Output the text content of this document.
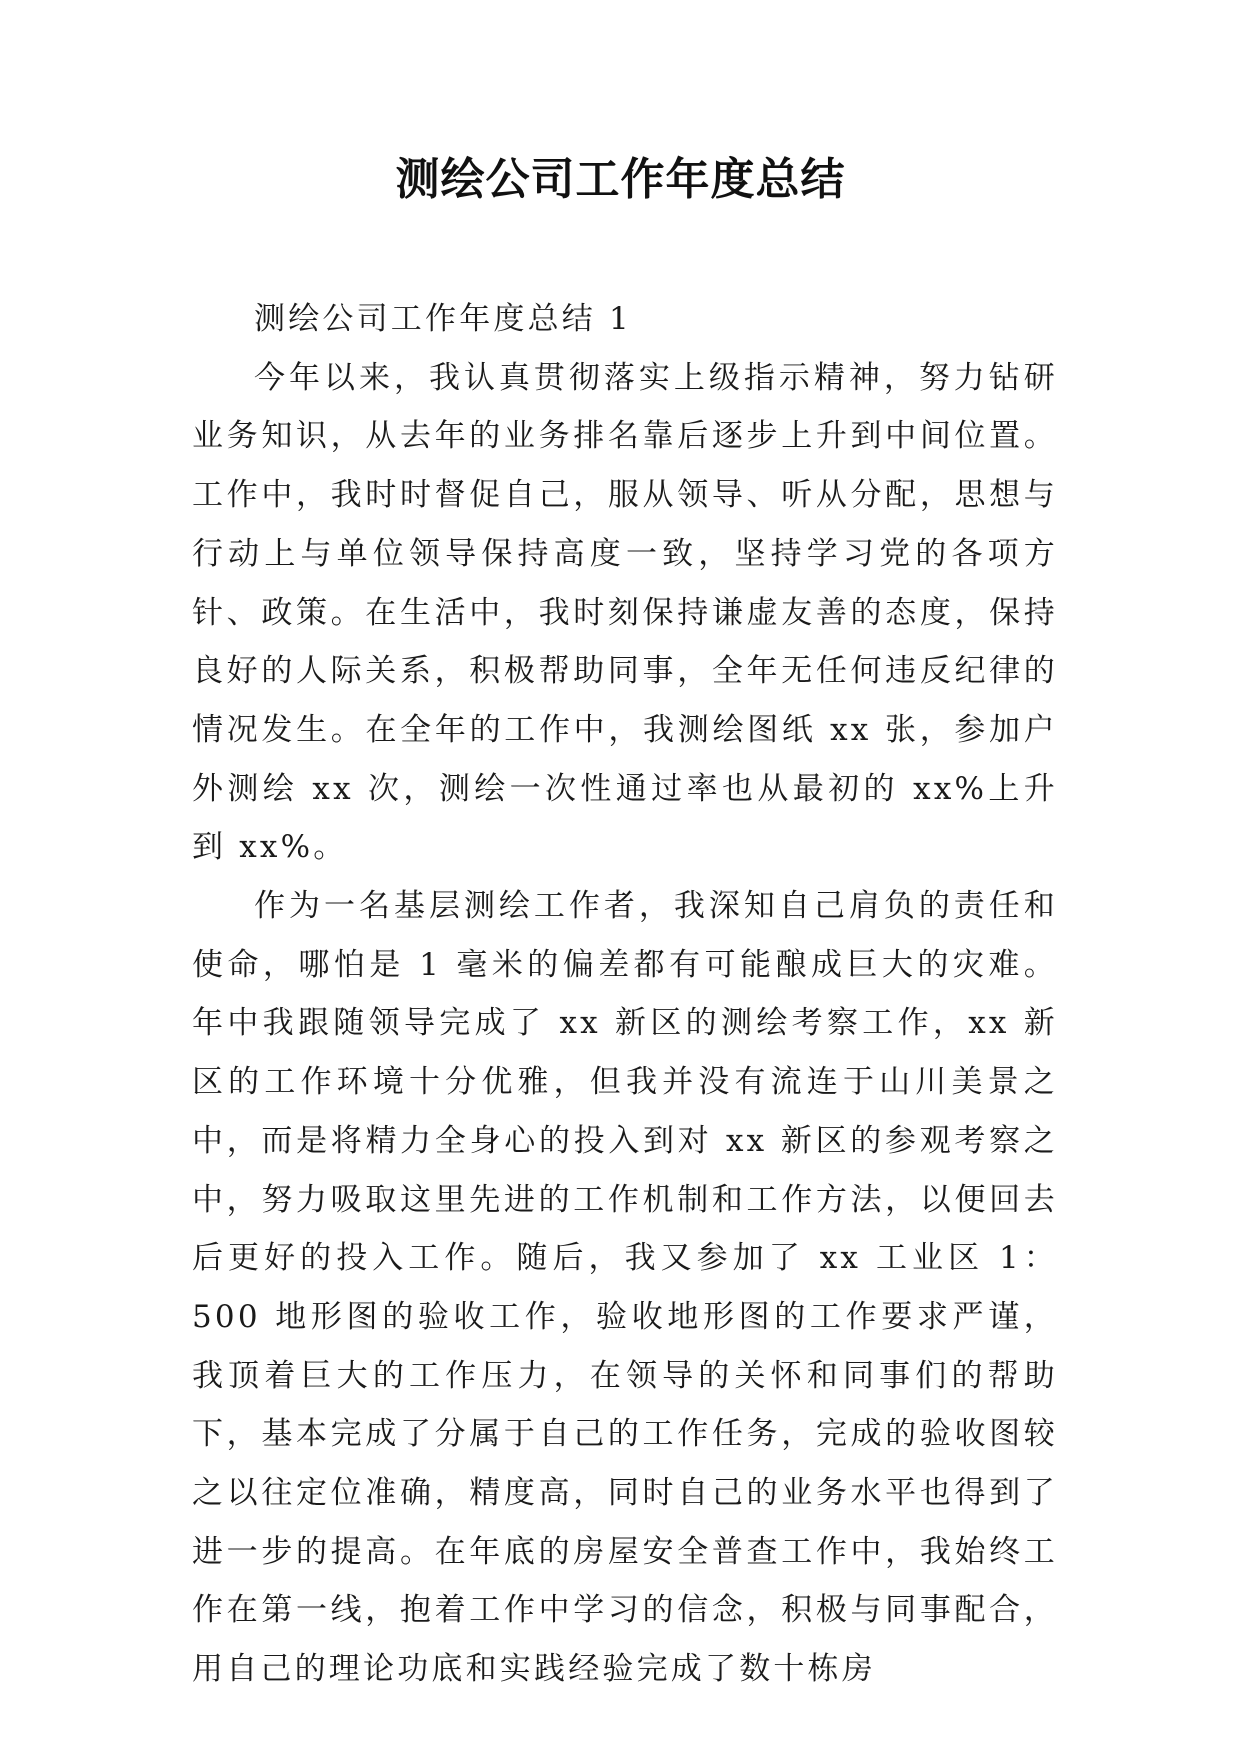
测绘公司工作年度总结

测绘公司工作年度总结 1

今年以来，我认真贯彻落实上级指示精神，努力钻研业务知识，从去年的业务排名靠后逐步上升到中间位置。工作中，我时时督促自己，服从领导、听从分配，思想与行动上与单位领导保持高度一致，坚持学习党的各项方针、政策。在生活中，我时刻保持谦虚友善的态度，保持良好的人际关系，积极帮助同事，全年无任何违反纪律的情况发生。在全年的工作中，我测绘图纸 xx 张，参加户外测绘 xx 次，测绘一次性通过率也从最初的 xx%上升到 xx%。

作为一名基层测绘工作者，我深知自己肩负的责任和使命，哪怕是 1 毫米的偏差都有可能酿成巨大的灾难。年中我跟随领导完成了 xx 新区的测绘考察工作，xx 新区的工作环境十分优雅，但我并没有流连于山川美景之中，而是将精力全身心的投入到对 xx 新区的参观考察之中，努力吸取这里先进的工作机制和工作方法，以便回去后更好的投入工作。随后，我又参加了 xx 工业区 1：500 地形图的验收工作，验收地形图的工作要求严谨，我顶着巨大的工作压力，在领导的关怀和同事们的帮助下，基本完成了分属于自己的工作任务，完成的验收图较之以往定位准确，精度高，同时自己的业务水平也得到了进一步的提高。在年底的房屋安全普查工作中，我始终工作在第一线，抱着工作中学习的信念，积极与同事配合，用自己的理论功底和实践经验完成了数十栋房
